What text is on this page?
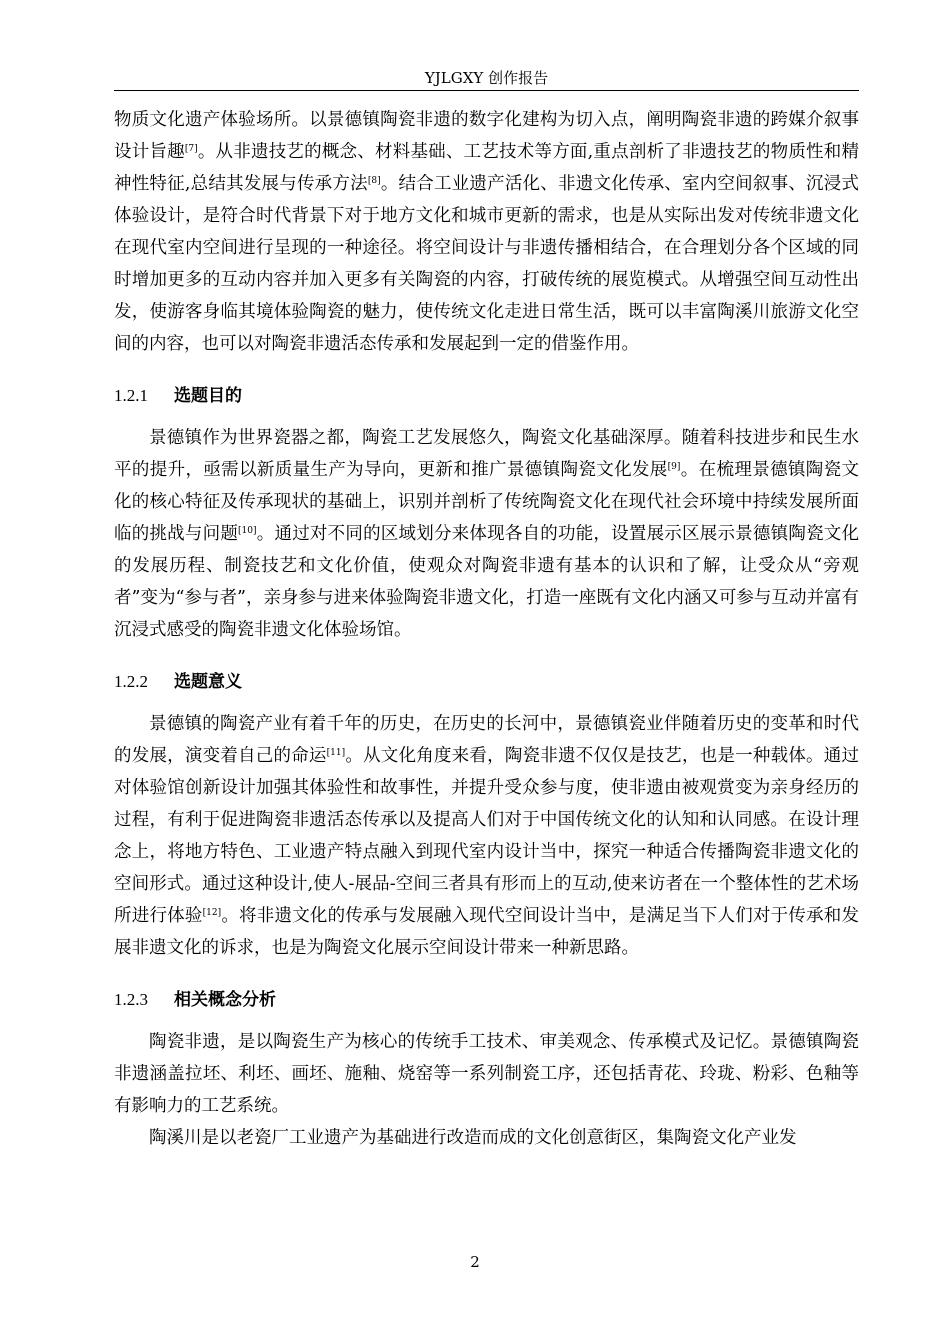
YJLGXY 创作报告

物质文化遗产体验场所。以景德镇陶瓷非遗的数字化建构为切入点，阐明陶瓷非遗的跨媒介叙事设计旨趣[7]。从非遗技艺的概念、材料基础、工艺技术等方面,重点剖析了非遗技艺的物质性和精神性特征,总结其发展与传承方法[8]。结合工业遗产活化、非遗文化传承、室内空间叙事、沉浸式体验设计，是符合时代背景下对于地方文化和城市更新的需求，也是从实际出发对传统非遗文化在现代室内空间进行呈现的一种途径。将空间设计与非遗传播相结合，在合理划分各个区域的同时增加更多的互动内容并加入更多有关陶瓷的内容，打破传统的展览模式。从增强空间互动性出发，使游客身临其境体验陶瓷的魅力，使传统文化走进日常生活，既可以丰富陶溪川旅游文化空间的内容，也可以对陶瓷非遗活态传承和发展起到一定的借鉴作用。

1.2.1 选题目的

景德镇作为世界瓷器之都，陶瓷工艺发展悠久，陶瓷文化基础深厚。随着科技进步和民生水平的提升，亟需以新质量生产为导向，更新和推广景德镇陶瓷文化发展[9]。在梳理景德镇陶瓷文化的核心特征及传承现状的基础上，识别并剖析了传统陶瓷文化在现代社会环境中持续发展所面临的挑战与问题[10]。通过对不同的区域划分来体现各自的功能，设置展示区展示景德镇陶瓷文化的发展历程、制瓷技艺和文化价值，使观众对陶瓷非遗有基本的认识和了解，让受众从“旁观者”变为“参与者”，亲身参与进来体验陶瓷非遗文化，打造一座既有文化内涵又可参与互动并富有沉浸式感受的陶瓷非遗文化体验场馆。

1.2.2 选题意义

景德镇的陶瓷产业有着千年的历史，在历史的长河中，景德镇瓷业伴随着历史的变革和时代的发展，演变着自己的命运[11]。从文化角度来看，陶瓷非遗不仅仅是技艺，也是一种载体。通过对体验馆创新设计加强其体验性和故事性，并提升受众参与度，使非遗由被观赏变为亲身经历的过程，有利于促进陶瓷非遗活态传承以及提高人们对于中国传统文化的认知和认同感。在设计理念上，将地方特色、工业遗产特点融入到现代室内设计当中，探究一种适合传播陶瓷非遗文化的空间形式。通过这种设计,使人-展品-空间三者具有形而上的互动,使来访者在一个整体性的艺术场所进行体验[12]。将非遗文化的传承与发展融入现代空间设计当中，是满足当下人们对于传承和发展非遗文化的诉求，也是为陶瓷文化展示空间设计带来一种新思路。

1.2.3 相关概念分析

陶瓷非遗，是以陶瓷生产为核心的传统手工技术、审美观念、传承模式及记忆。景德镇陶瓷非遗涵盖拉坯、利坯、画坯、施釉、烧窑等一系列制瓷工序，还包括青花、玲珑、粉彩、色釉等有影响力的工艺系统。

陶溪川是以老瓷厂工业遗产为基础进行改造而成的文化创意街区，集陶瓷文化产业发

2
